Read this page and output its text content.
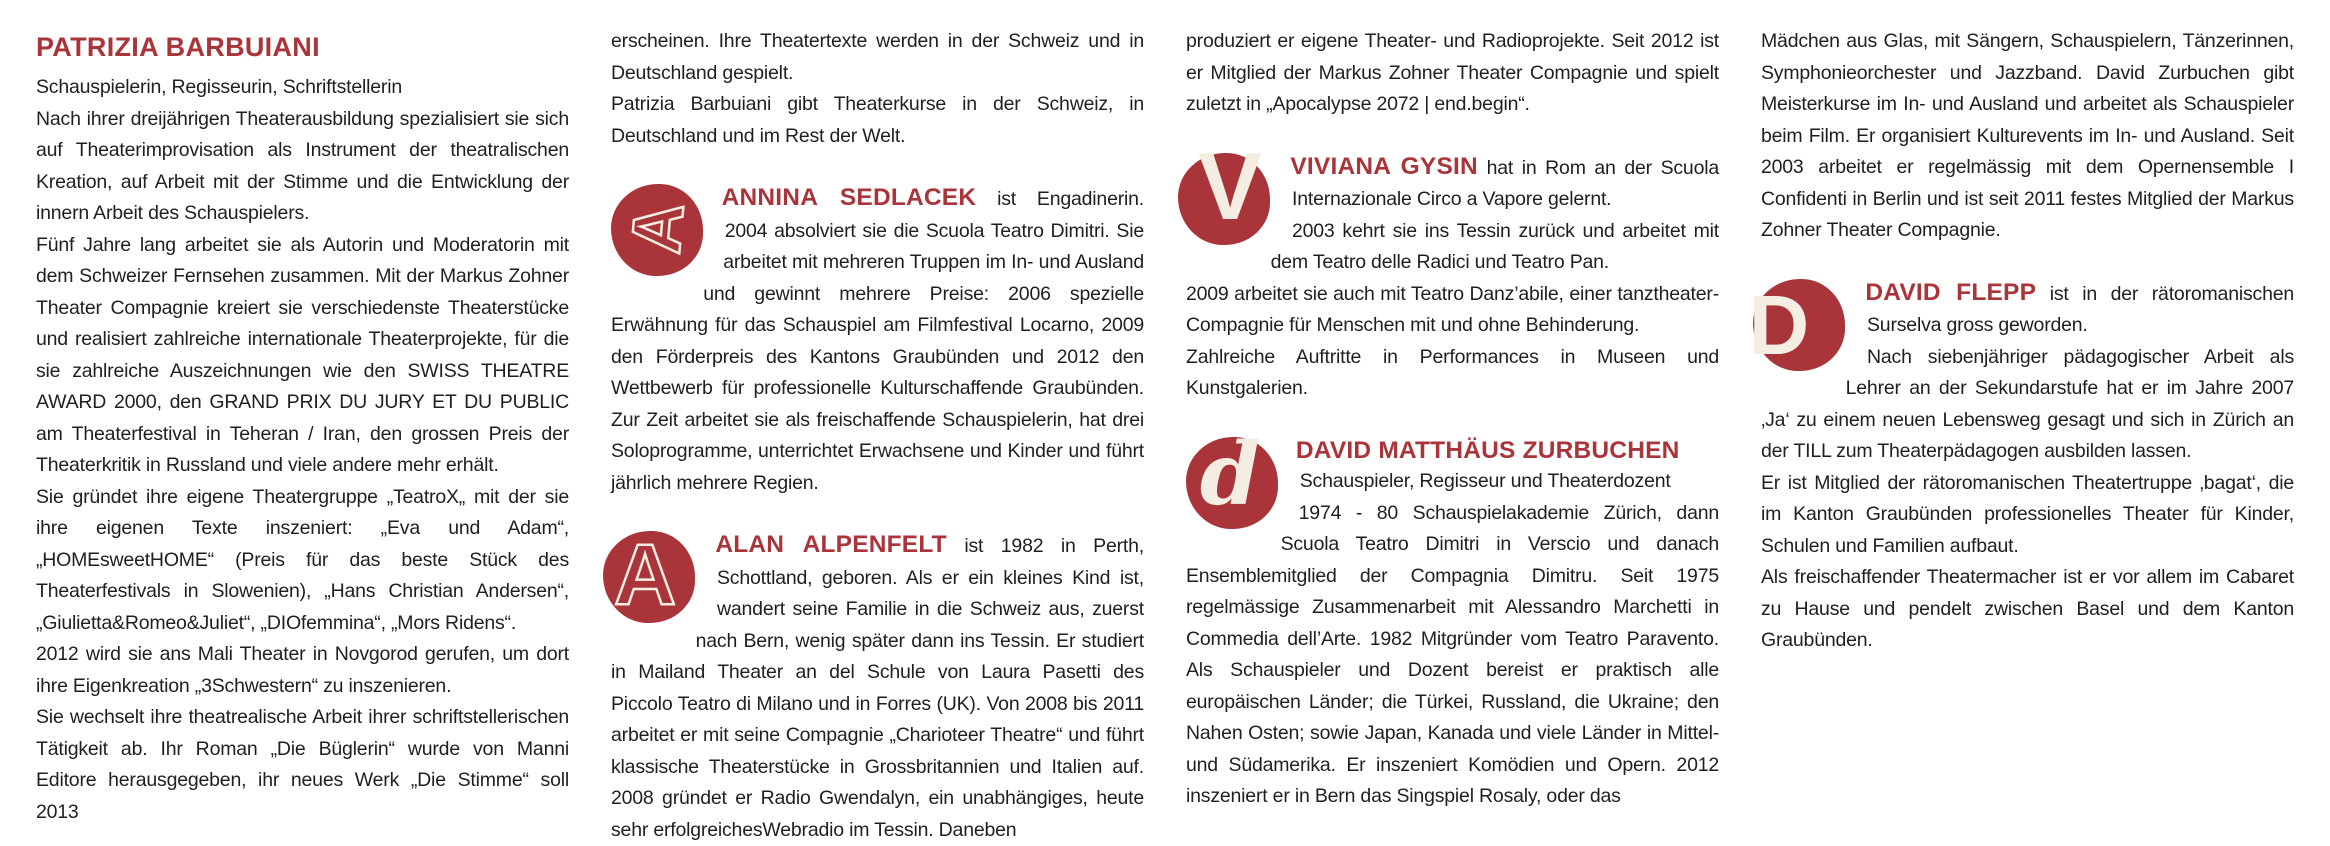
PATRIZIA BARBUIANI

Schauspielerin, Regisseurin, Schriftstellerin

Nach ihrer dreijährigen Theaterausbildung spezialisiert sie sich auf Theaterimprovisation als Instrument der theatralischen Kreation, auf Arbeit mit der Stimme und die Entwicklung der innern Arbeit des Schauspielers.

Fünf Jahre lang arbeitet sie als Autorin und Moderatorin mit dem Schweizer Fernsehen zusammen. Mit der Markus Zohner Theater Compagnie kreiert sie verschiedenste Theaterstücke und realisiert zahlreiche internationale Theaterprojekte, für die sie zahlreiche Auszeichnungen wie den SWISS THEATRE AWARD 2000, den GRAND PRIX DU JURY ET DU PUBLIC am Theaterfestival in Teheran / Iran, den grossen Preis der Theaterkritik in Russland und viele andere mehr erhält.

Sie gründet ihre eigene Theatergruppe „TeatroX„ mit der sie ihre eigenen Texte inszeniert: „Eva und Adam“, „HOMEsweetHOME“ (Preis für das beste Stück des Theaterfestivals in Slowenien), „Hans Christian Andersen“, „Giulietta&Romeo&Juliet“, „DIOfemmina“, „Mors Ridens“.

2012 wird sie ans Mali Theater in Novgorod gerufen, um dort ihre Eigenkreation „3Schwestern“ zu inszenieren.

Sie wechselt ihre theatrealische Arbeit ihrer schriftstellerischen Tätigkeit ab. Ihr Roman „Die Büglerin“ wurde von Manni Editore herausgegeben, ihr neues Werk „Die Stimme“ soll 2013

erscheinen. Ihre Theatertexte werden in der Schweiz und in Deutschland gespielt.

Patrizia Barbuiani gibt Theaterkurse in der Schweiz, in Deutschland und im Rest der Welt.

A

ANNINA SEDLACEK ist Engadinerin. 2004 absolviert sie die Scuola Teatro Dimitri. Sie arbeitet mit mehreren Truppen im In- und Ausland und gewinnt mehrere Preise: 2006 spezielle Erwähnung für das Schauspiel am Filmfestival Locarno, 2009 den Förderpreis des Kantons Graubünden und 2012 den Wettbewerb für professionelle Kulturschaffende Graubünden. Zur Zeit arbeitet sie als freischaffende Schauspielerin, hat drei Soloprogramme, unterrichtet Erwachsene und Kinder und führt jährlich mehrere Regien.

A	ALAN ALPENFELT ist 1982 in Perth, Schottland, geboren. Als er ein kleines Kind ist, wandert seine Familie in die Schweiz aus, zuerst nach Bern, wenig später dann ins Tessin. Er studiert in Mailand Theater an del Schule von Laura Pasetti des Piccolo Teatro di Milano und in Forres (UK). Von 2008 bis 2011 arbeitet er mit seine Compagnie „Charioteer Theatre“ und führt klassische Theaterstücke in Grossbritannien und Italien auf. 2008 gründet er Radio Gwendalyn, ein unabhängiges, heute sehr erfolgreichesWebradio im Tessin. Daneben

produziert er eigene Theater- und Radioprojekte. Seit 2012 ist er Mitglied der Markus Zohner Theater Compagnie und spielt zuletzt in „Apocalypse 2072 | end.begin“.

V	VIVIANA GYSIN hat in Rom an der Scuola Internazionale Circo a Vapore gelernt.

2003 kehrt sie ins Tessin zurück und arbeitet mit dem Teatro delle Radici und Teatro Pan.

2009 arbeitet sie auch mit Teatro Danz’abile, einer tanztheater-Compagnie für Menschen mit und ohne Behinderung.

Zahlreiche Auftritte in Performances in Museen und Kunstgalerien.

d	DAVID MATTHÄUS ZURBUCHEN

Schauspieler, Regisseur und Theaterdozent

1974 - 80 Schauspielakademie Zürich, dann Scuola Teatro Dimitri in Verscio und danach Ensemblemitglied der Compagnia Dimitru. Seit 1975 regelmässige Zusammenarbeit mit Alessandro Marchetti in Commedia dell’Arte. 1982 Mitgründer vom Teatro Paravento. Als Schauspieler und Dozent bereist er praktisch alle europäischen Länder; die Türkei, Russland, die Ukraine; den Nahen Osten; sowie Japan, Kanada und viele Länder in Mittel- und Südamerika. Er inszeniert Komödien und Opern. 2012 inszeniert er in Bern das Singspiel Rosaly, oder das

Mädchen aus Glas, mit Sängern, Schauspielern, Tänzerinnen, Symphonieorchester und Jazzband. David Zurbuchen gibt Meisterkurse im In- und Ausland und arbeitet als Schauspieler beim Film. Er organisiert Kulturevents im In- und Ausland. Seit 2003 arbeitet er regelmässig mit dem Opernensemble I Confidenti in Berlin und ist seit 2011 festes Mitglied der Markus Zohner Theater Compagnie.

D	DAVID FLEPP ist in der rätoromanischen Surselva gross geworden.

Nach siebenjähriger pädagogischer Arbeit als Lehrer an der Sekundarstufe hat er im Jahre 2007 ‚Ja‘ zu einem neuen Lebensweg gesagt und sich in Zürich an der TILL zum Theaterpädagogen ausbilden lassen.

Er ist Mitglied der rätoromanischen Theatertruppe ‚bagat‘, die im Kanton Graubünden professionelles Theater für Kinder, Schulen und Familien aufbaut.

Als freischaffender Theatermacher ist er vor allem im Cabaret zu Hause und pendelt zwischen Basel und dem Kanton Graubünden.
